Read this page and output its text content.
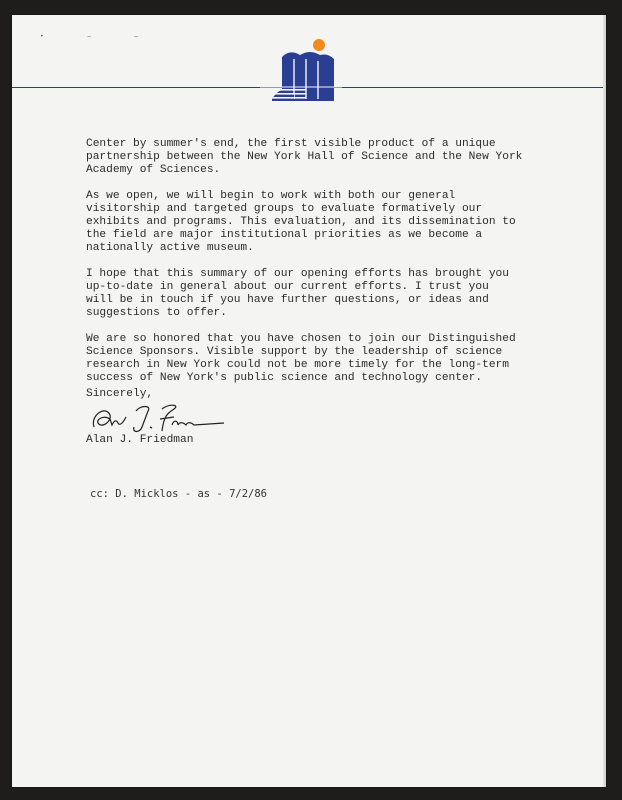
• — —

Center by summer's end, the first visible product of a unique
partnership between the New York Hall of Science and the New York
Academy of Sciences.

As we open, we will begin to work with both our general
visitorship and targeted groups to evaluate formatively our
exhibits and programs. This evaluation, and its dissemination to
the field are major institutional priorities as we become a
nationally active museum.

I hope that this summary of our opening efforts has brought you
up-to-date in general about our current efforts. I trust you
will be in touch if you have further questions, or ideas and
suggestions to offer.

We are so honored that you have chosen to join our Distinguished
Science Sponsors. Visible support by the leadership of science
research in New York could not be more timely for the long-term
success of New York's public science and technology center.

Sincerely,
Alan J. Friedman
cc: D. Micklos - as - 7/2/86
